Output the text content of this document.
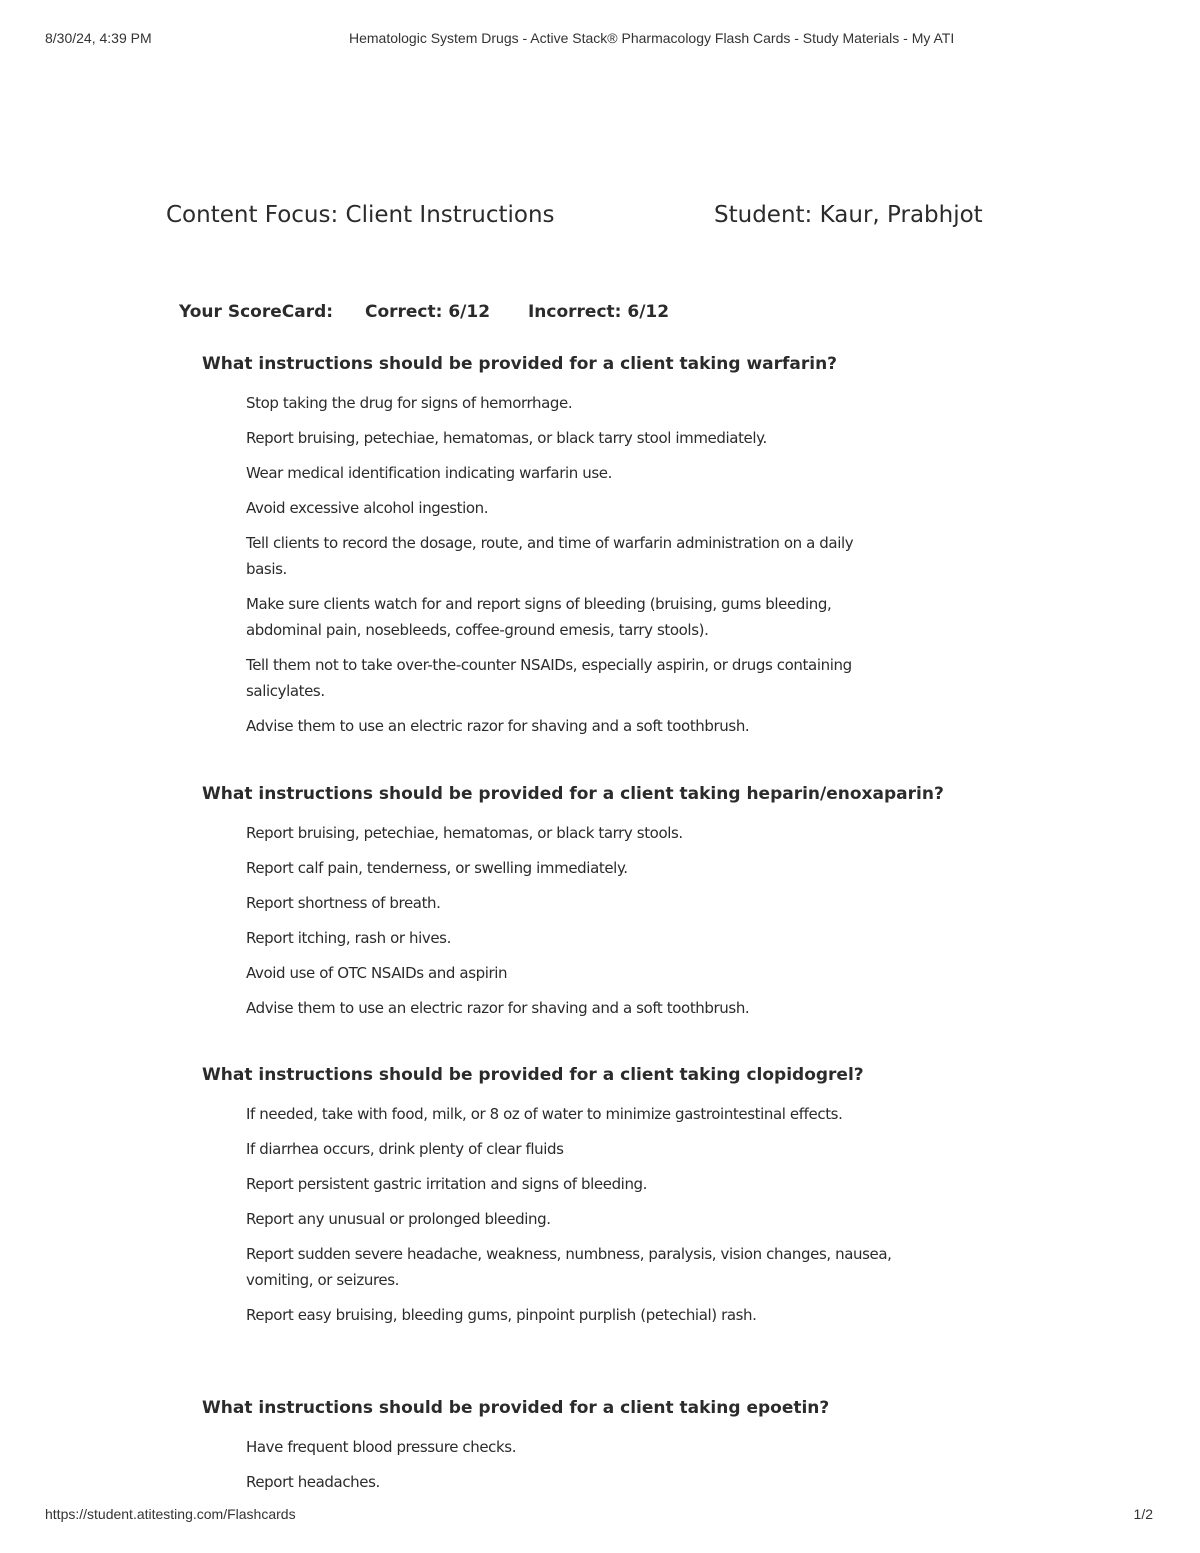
8/30/24, 4:39 PM	Hematologic System Drugs - Active Stack® Pharmacology Flash Cards - Study Materials - My ATI
Content Focus: Client Instructions	Student: Kaur, Prabhjot
Your ScoreCard: Correct: 6/12 Incorrect: 6/12
What instructions should be provided for a client taking warfarin?
Stop taking the drug for signs of hemorrhage.
Report bruising, petechiae, hematomas, or black tarry stool immediately.
Wear medical identification indicating warfarin use.
Avoid excessive alcohol ingestion.
Tell clients to record the dosage, route, and time of warfarin administration on a daily basis.
Make sure clients watch for and report signs of bleeding (bruising, gums bleeding, abdominal pain, nosebleeds, coffee-ground emesis, tarry stools).
Tell them not to take over-the-counter NSAIDs, especially aspirin, or drugs containing salicylates.
Advise them to use an electric razor for shaving and a soft toothbrush.
What instructions should be provided for a client taking heparin/enoxaparin?
Report bruising, petechiae, hematomas, or black tarry stools.
Report calf pain, tenderness, or swelling immediately.
Report shortness of breath.
Report itching, rash or hives.
Avoid use of OTC NSAIDs and aspirin
Advise them to use an electric razor for shaving and a soft toothbrush.
What instructions should be provided for a client taking clopidogrel?
If needed, take with food, milk, or 8 oz of water to minimize gastrointestinal effects.
If diarrhea occurs, drink plenty of clear fluids
Report persistent gastric irritation and signs of bleeding.
Report any unusual or prolonged bleeding.
Report sudden severe headache, weakness, numbness, paralysis, vision changes, nausea, vomiting, or seizures.
Report easy bruising, bleeding gums, pinpoint purplish (petechial) rash.
What instructions should be provided for a client taking epoetin?
Have frequent blood pressure checks.
Report headaches.
https://student.atitesting.com/Flashcards	1/2
